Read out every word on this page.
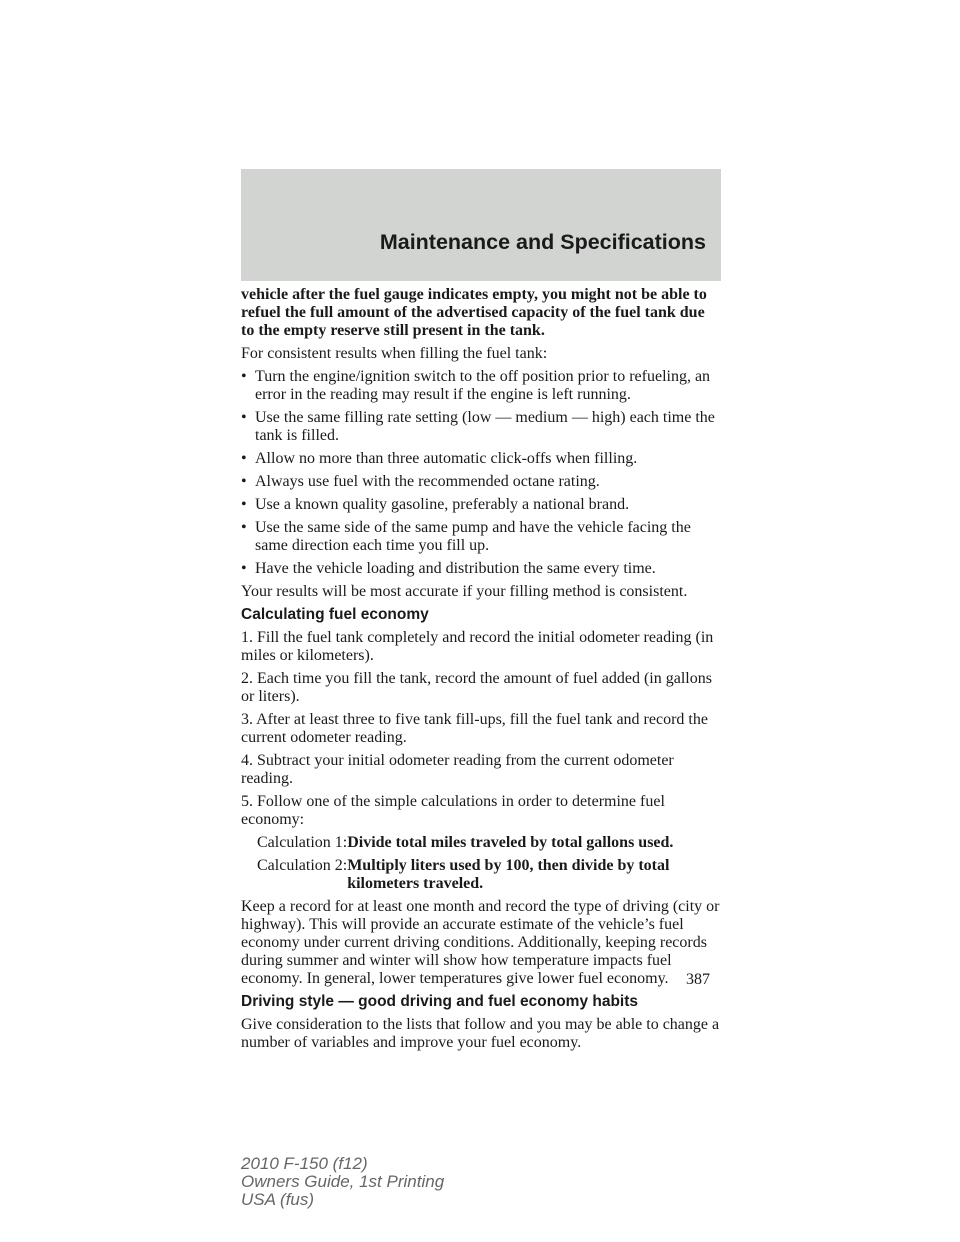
Maintenance and Specifications

vehicle after the fuel gauge indicates empty, you might not be able to refuel the full amount of the advertised capacity of the fuel tank due to the empty reserve still present in the tank.

For consistent results when filling the fuel tank:

• Turn the engine/ignition switch to the off position prior to refueling, an error in the reading may result if the engine is left running.
• Use the same filling rate setting (low — medium — high) each time the tank is filled.
• Allow no more than three automatic click-offs when filling.
• Always use fuel with the recommended octane rating.
• Use a known quality gasoline, preferably a national brand.
• Use the same side of the same pump and have the vehicle facing the same direction each time you fill up.
• Have the vehicle loading and distribution the same every time.

Your results will be most accurate if your filling method is consistent.

Calculating fuel economy

1. Fill the fuel tank completely and record the initial odometer reading (in miles or kilometers).

2. Each time you fill the tank, record the amount of fuel added (in gallons or liters).

3. After at least three to five tank fill-ups, fill the fuel tank and record the current odometer reading.

4. Subtract your initial odometer reading from the current odometer reading.

5. Follow one of the simple calculations in order to determine fuel economy:

Calculation 1: Divide total miles traveled by total gallons used.
Calculation 2: Multiply liters used by 100, then divide by total kilometers traveled.

Keep a record for at least one month and record the type of driving (city or highway). This will provide an accurate estimate of the vehicle’s fuel economy under current driving conditions. Additionally, keeping records during summer and winter will show how temperature impacts fuel economy. In general, lower temperatures give lower fuel economy.

Driving style — good driving and fuel economy habits

Give consideration to the lists that follow and you may be able to change a number of variables and improve your fuel economy.

387
2010 F-150 (f12)
Owners Guide, 1st Printing
USA (fus)
